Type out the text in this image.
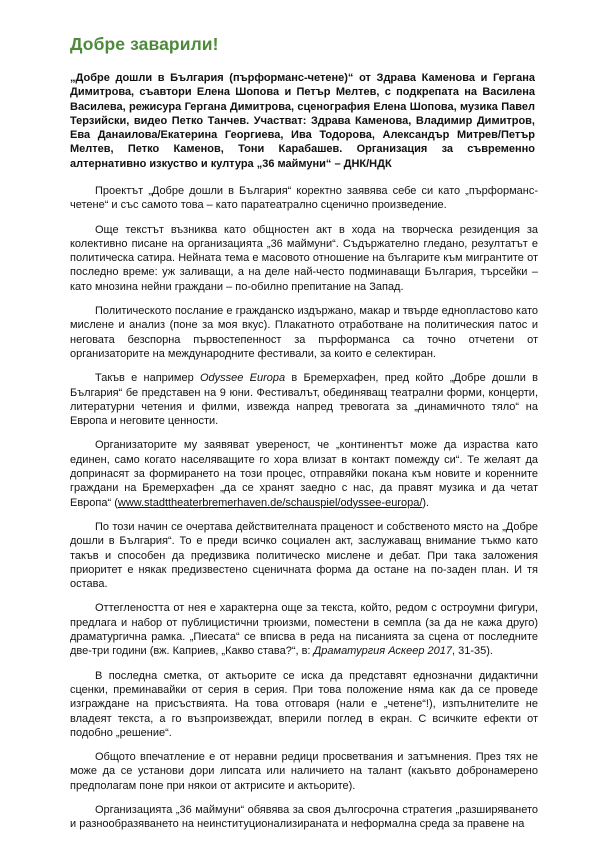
Добре заварили!

„Добре дошли в България (пърформанс-четене)“ от Здрава Каменова и Гергана Димитрова, съавтори Елена Шопова и Петър Мелтев, с подкрепата на Василена Василева, режисура Гергана Димитрова, сценография Елена Шопова, музика Павел Терзийски, видео Петко Танчев. Участват: Здрава Каменова, Владимир Димитров, Ева Данаилова/Екатерина Георгиева, Ива Тодорова, Александър Митрев/Петър Мелтев, Петко Каменов, Тони Карабашев. Организация за съвременно алтернативно изкуство и култура „36 маймуни“ – ДНК/НДК

Проектът „Добре дошли в България“ коректно заявява себе си като „пърформанс-четене“ и със самото това – като паратеатрално сценично произведение.

Още текстът възниква като общностен акт в хода на творческа резиденция за колективно писане на организацията „36 маймуни“. Съдържателно гледано, резултатът е политическа сатира. Нейната тема е масовото отношение на българите към мигрантите от последно време: уж заливащи, а на деле най-често подминаващи България, търсейки – като мнозина нейни граждани – по-обилно препитание на Запад.

Политическото послание е гражданско издържано, макар и твърде еднопластово като мислене и анализ (поне за моя вкус). Плакатното отработване на политическия патос и неговата безспорна първостепенност за пърформанса са точно отчетени от организаторите на международните фестивали, за които е селектиран.

Такъв е например Odyssee Europa в Бремерхафен, пред който „Добре дошли в България“ бе представен на 9 юни. Фестивалът, обединяващ театрални форми, концерти, литературни четения и филми, извежда напред тревогата за „динамичното тяло“ на Европа и неговите ценности.

Организаторите му заявяват увереност, че „континентът може да израства като единен, само когато населяващите го хора влизат в контакт помежду си“. Те желаят да допринасят за формирането на този процес, отправяйки покана към новите и коренните граждани на Бремерхафен „да се хранят заедно с нас, да правят музика и да четат Европа“ (www.stadttheaterbremerhaven.de/schauspiel/odyssee-europa/).

По този начин се очертава действителната праценост и собственото място на „Добре дошли в България“. То е преди всичко социален акт, заслужаващ внимание тъкмо като такъв и способен да предизвика политическо мислене и дебат. При така заложения приоритет е някак предизвестено сценичната форма да остане на по-заден план. И тя остава.

Оттеглеността от нея е характерна още за текста, който, редом с остроумни фигури, предлага и набор от публицистични трюизми, поместени в семпла (за да не кажа друго) драматургична рамка. „Пиесата“ се вписва в реда на писанията за сцена от последните две-три години (вж. Каприев, „Какво става?“, в: Драматургия Аскеер 2017, 31-35).

В последна сметка, от актьорите се иска да представят еднозначни дидактични сценки, преминавайки от серия в серия. При това положение няма как да се проведе изграждане на присъствията. На това отговаря (нали е „четене“!), изпълнителите не владеят текста, а го възпроизвеждат, вперили поглед в екран. С всичките ефекти от подобно „решение“.

Общото впечатление е от неравни редици просветвания и затъмнения. През тях не може да се установи дори липсата или наличието на талант (какъвто добронамерено предполагам поне при някои от актрисите и актьорите).

Организацията „36 маймуни“ обявява за своя дългосрочна стратегия „разширяването и разнообразяването на неинституционализираната и неформална среда за правене на
